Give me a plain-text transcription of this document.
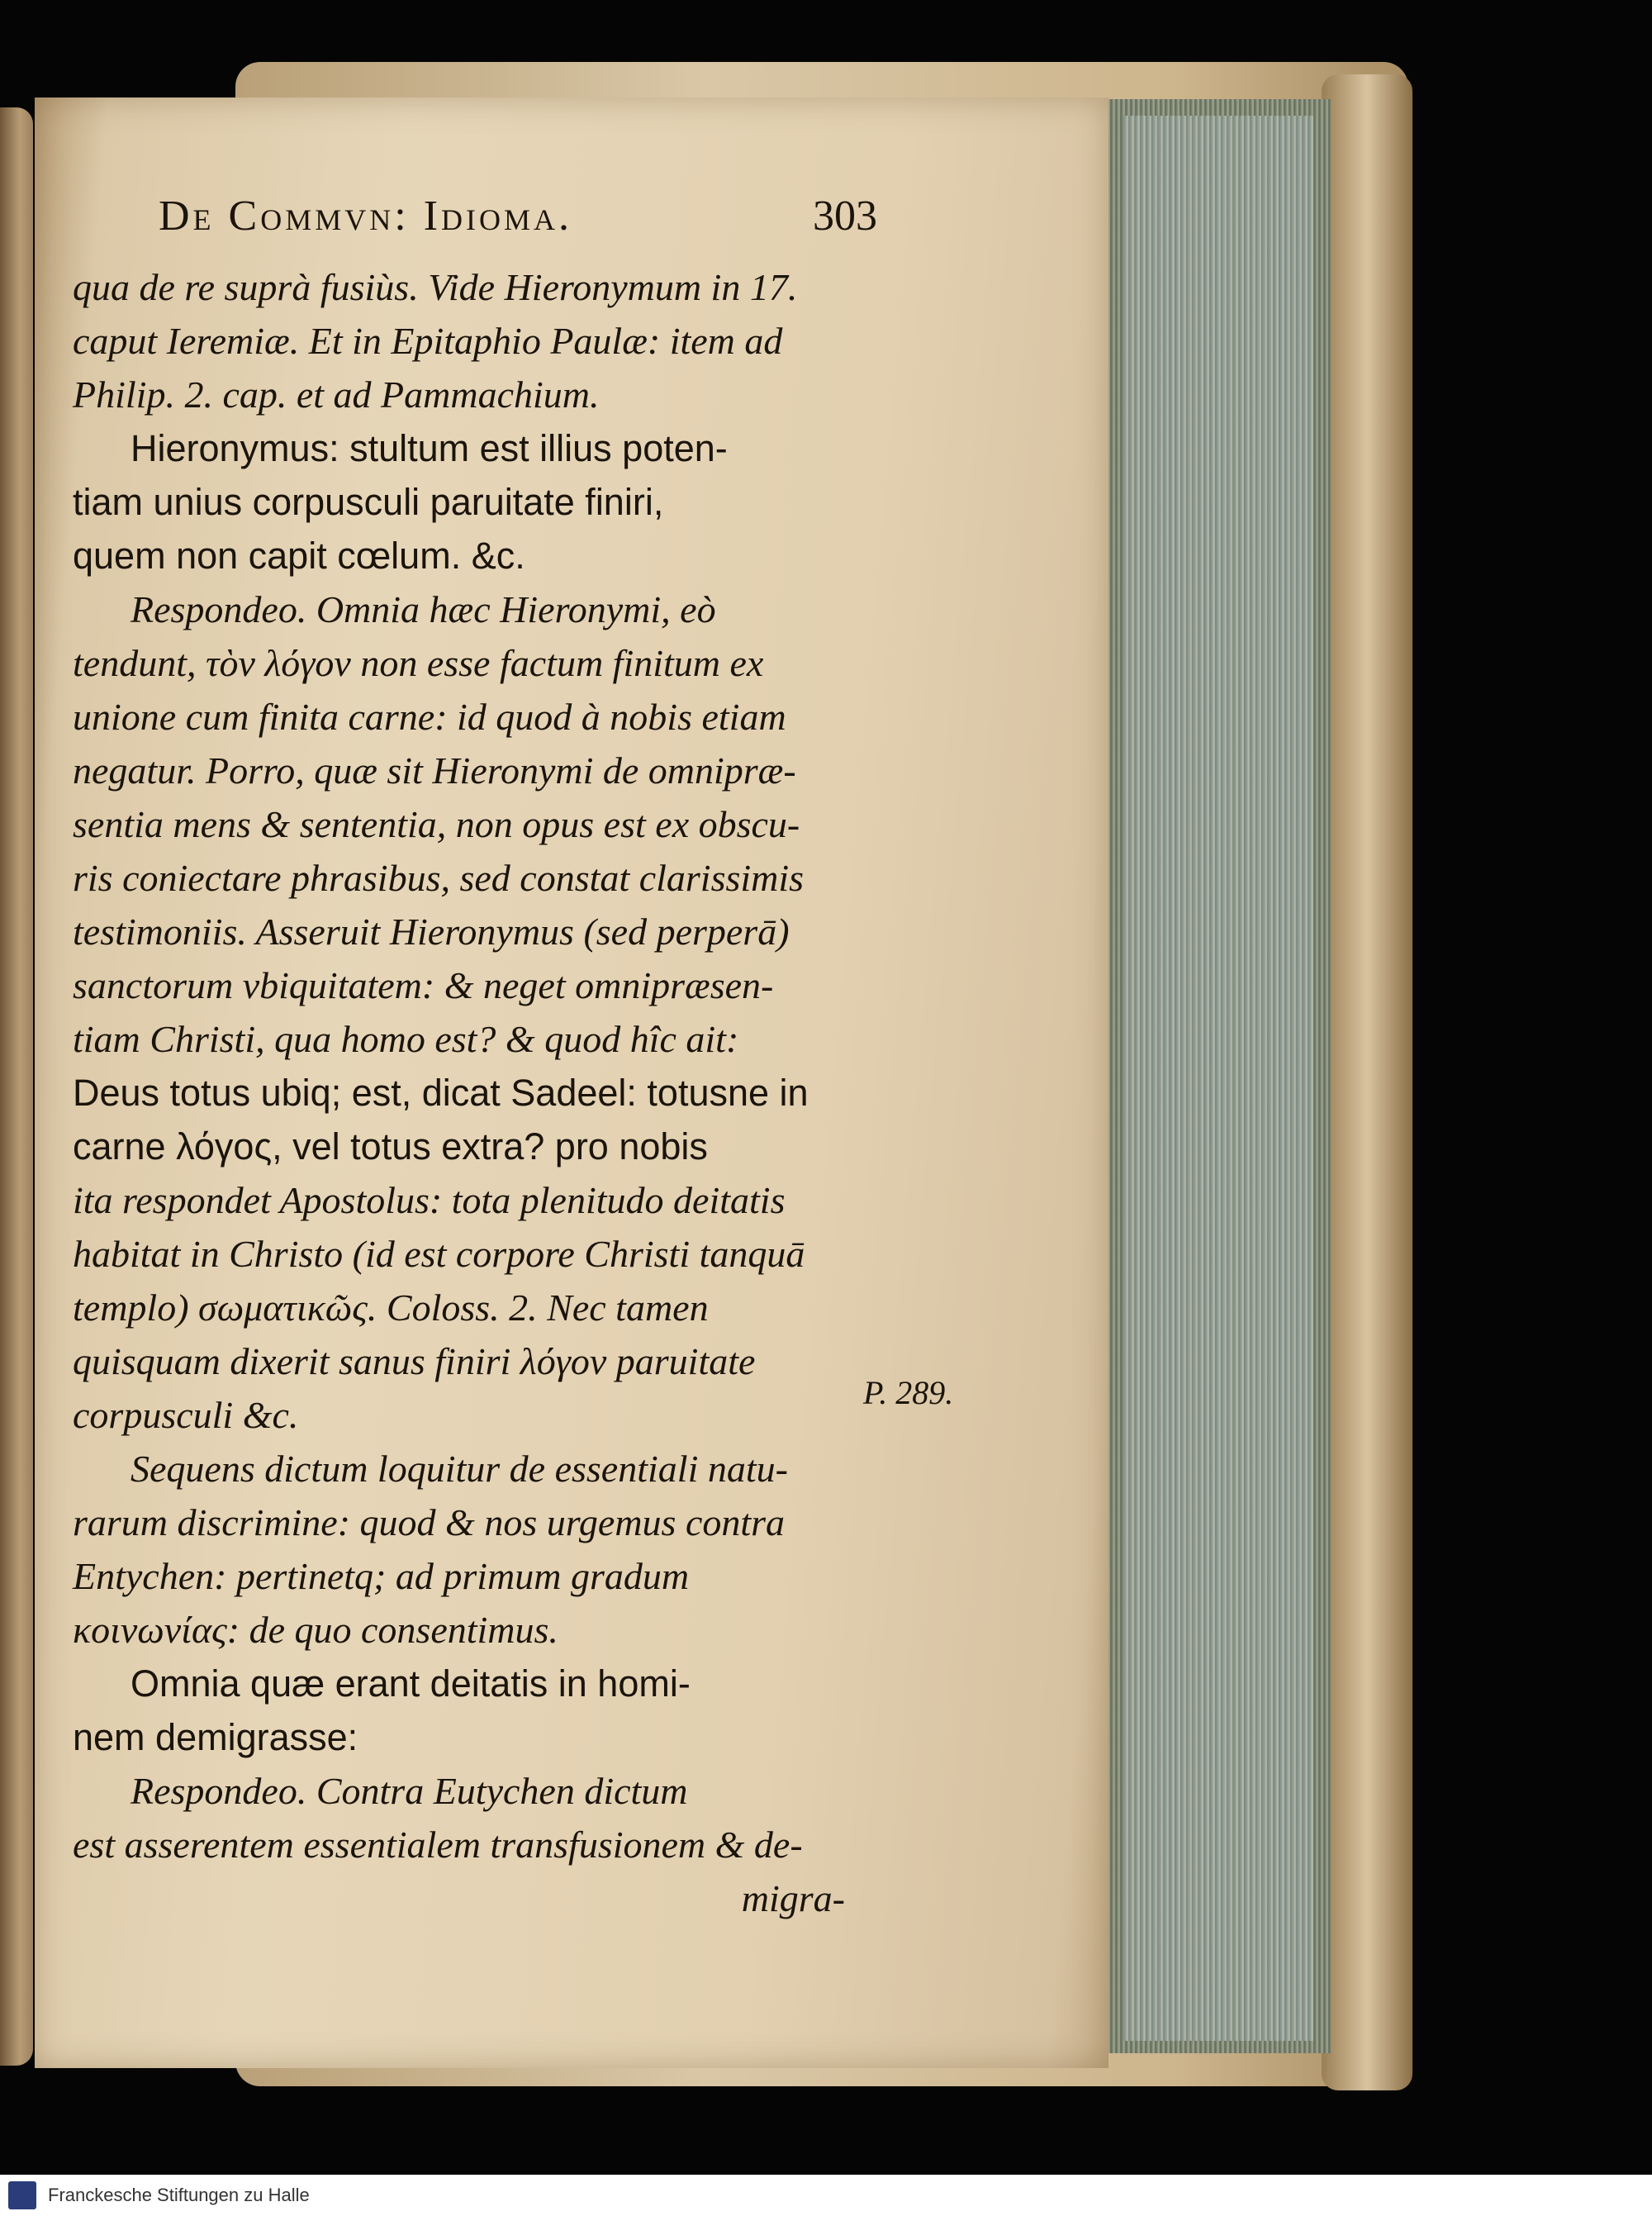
De Commvn: Idioma.	303
qua de re suprà fusiùs. Vide Hieronymum in 17.
caput Ieremiæ. Et in Epitaphio Paulæ: item ad
Philip. 2. cap. et ad Pammachium.
Hieronymus: stultum est illius poten-
tiam unius corpusculi paruitate finiri,
quem non capit cœlum. &c.
Respondeo. Omnia hæc Hieronymi, eò
tendunt, τὸν λόγον non esse factum finitum ex
unione cum finita carne: id quod à nobis etiam
negatur. Porro, quæ sit Hieronymi de omnipræ-
sentia mens & sententia, non opus est ex obscu-
ris coniectare phrasibus, sed constat clarissimis
testimoniis. Asseruit Hieronymus (sed perperā)
sanctorum vbiquitatem: & neget omnipræsen-
tiam Christi, qua homo est? & quod hîc ait:
Deus totus ubiq; est, dicat Sadeel: totusne in
carne λόγος, vel totus extra? pro nobis
ita respondet Apostolus: tota plenitudo deitatis
habitat in Christo (id est corpore Christi tanquā
templo) σωματικῶς. Coloss. 2. Nec tamen
quisquam dixerit sanus finiri λόγον paruitate
corpusculi &c.
Sequens dictum loquitur de essentiali natu-
rarum discrimine: quod & nos urgemus contra
Entychen: pertinetq; ad primum gradum
κοινωνίας: de quo consentimus.
Omnia quæ erant deitatis in homi-
nem demigrasse:
Respondeo. Contra Eutychen dictum
est asserentem essentialem transfusionem & de-
migra-
P. 289.
Franckesche Stiftungen zu Halle
